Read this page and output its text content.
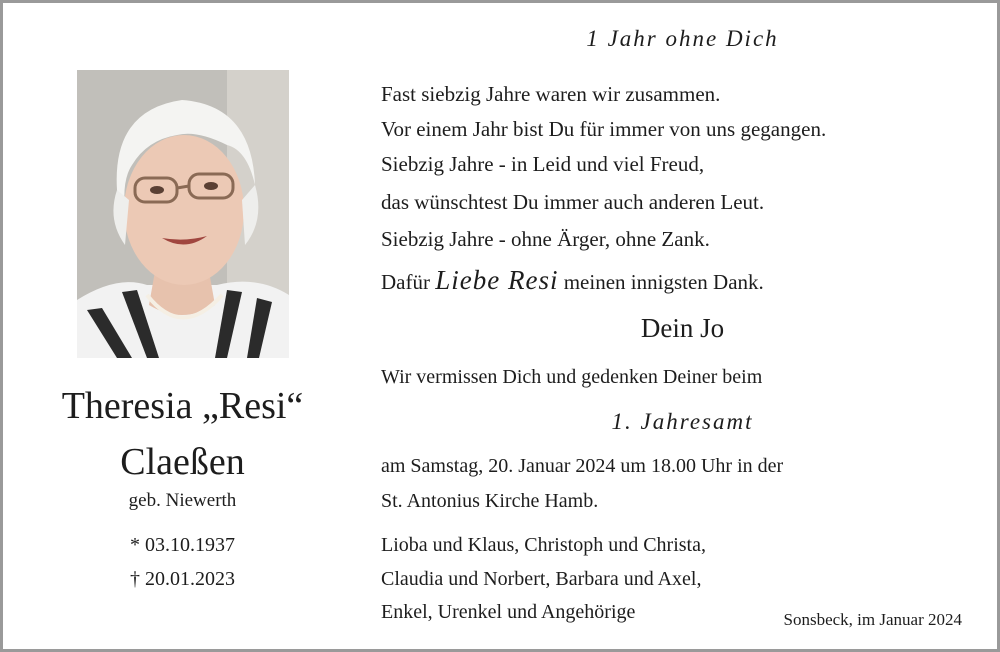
Theresia „Resi“
Claeßen
geb. Niewerth
* 03.10.1937
† 20.01.2023
1 Jahr ohne Dich
Fast siebzig Jahre waren wir zusammen.
Vor einem Jahr bist Du für immer von uns gegangen.
Siebzig Jahre - in Leid und viel Freud,
das wünschtest Du immer auch anderen Leut.
Siebzig Jahre - ohne Ärger, ohne Zank.
Dafür Liebe Resi meinen innigsten Dank.
Dein Jo
Wir vermissen Dich und gedenken Deiner beim
1. Jahresamt
am Samstag, 20. Januar 2024 um 18.00 Uhr in der
St. Antonius Kirche Hamb.
Lioba und Klaus, Christoph und Christa,
Claudia und Norbert, Barbara und Axel,
Enkel, Urenkel und Angehörige	Sonsbeck, im Januar 2024
